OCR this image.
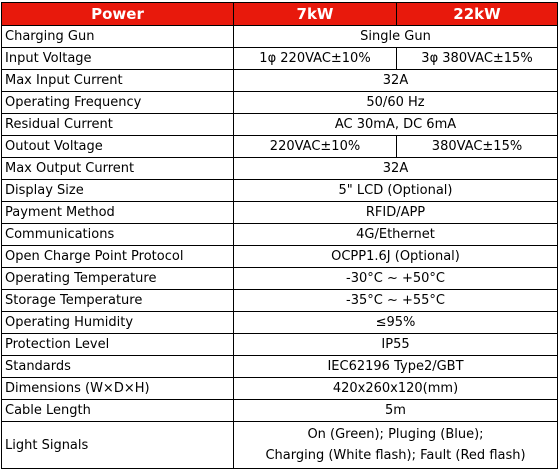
Power	7kW	22kW
Charging Gun	Single Gun	
Input Voltage	1φ 220VAC±10%	3φ 380VAC±15%
Max Input Current	32A	
Operating Frequency	50/60 Hz	
Residual Current	AC 30mA, DC 6mA	
Outout Voltage	220VAC±10%	380VAC±15%
Max Output Current	32A	
Display Size	5" LCD (Optional)	
Payment Method	RFID/APP	
Communications	4G/Ethernet	
Open Charge Point Protocol	OCPP1.6J (Optional)	
Operating Temperature	-30°C ~ +50°C	
Storage Temperature	-35°C ~ +55°C	
Operating Humidity	≤95%	
Protection Level	IP55	
Standards	IEC62196 Type2/GBT	
Dimensions (W×D×H)	420x260x120(mm)	
Cable Length	5m	
Light Signals	On (Green); Pluging (Blue);
Charging (White flash); Fault (Red flash)	
